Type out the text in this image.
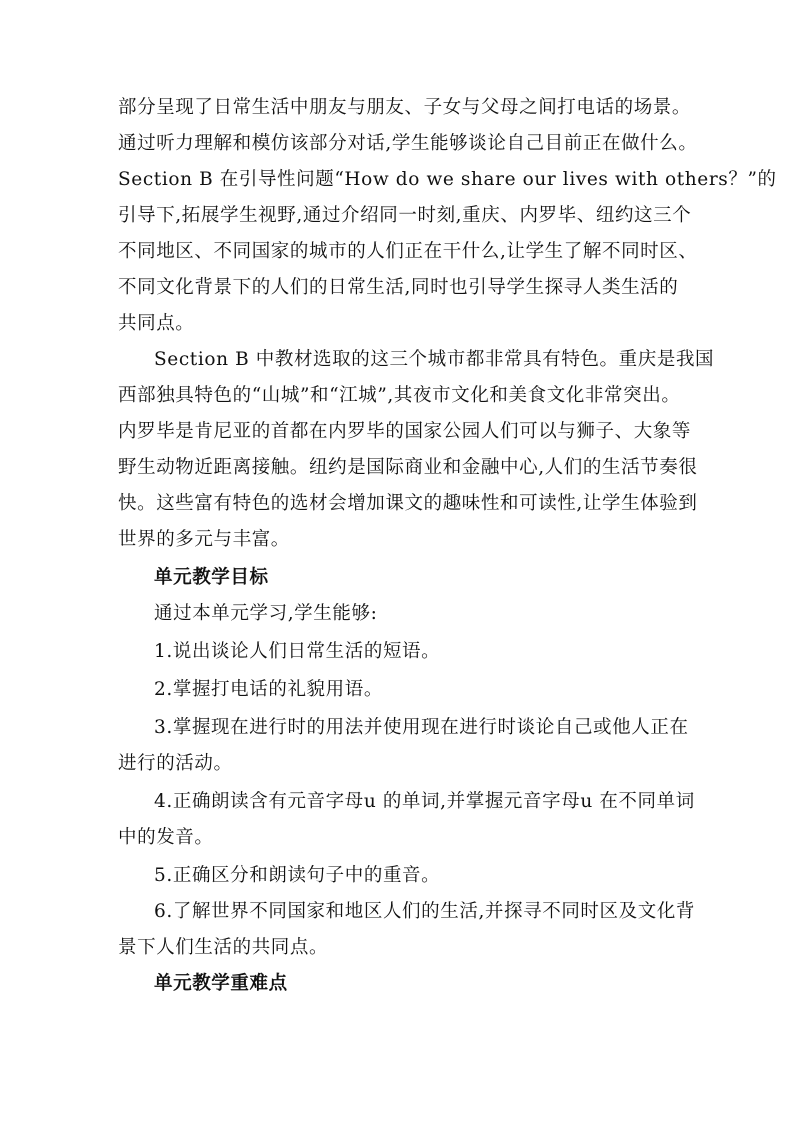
部分呈现了日常生活中朋友与朋友、子女与父母之间打电话的场景。
通过听力理解和模仿该部分对话,学生能够谈论自己目前正在做什么。
Section B 在引导性问题“How do we share our lives with others？”的
引导下,拓展学生视野,通过介绍同一时刻,重庆、内罗毕、纽约这三个
不同地区、不同国家的城市的人们正在干什么,让学生了解不同时区、
不同文化背景下的人们的日常生活,同时也引导学生探寻人类生活的
共同点。
Section B 中教材选取的这三个城市都非常具有特色。重庆是我国
西部独具特色的“山城”和“江城”,其夜市文化和美食文化非常突出。
内罗毕是肯尼亚的首都在内罗毕的国家公园人们可以与狮子、大象等
野生动物近距离接触。纽约是国际商业和金融中心,人们的生活节奏很
快。这些富有特色的选材会增加课文的趣味性和可读性,让学生体验到
世界的多元与丰富。
单元教学目标
通过本单元学习,学生能够:
1.说出谈论人们日常生活的短语。
2.掌握打电话的礼貌用语。
3.掌握现在进行时的用法并使用现在进行时谈论自己或他人正在
进行的活动。
4.正确朗读含有元音字母u 的单词,并掌握元音字母u 在不同单词
中的发音。
5.正确区分和朗读句子中的重音。
6.了解世界不同国家和地区人们的生活,并探寻不同时区及文化背
景下人们生活的共同点。
单元教学重难点
